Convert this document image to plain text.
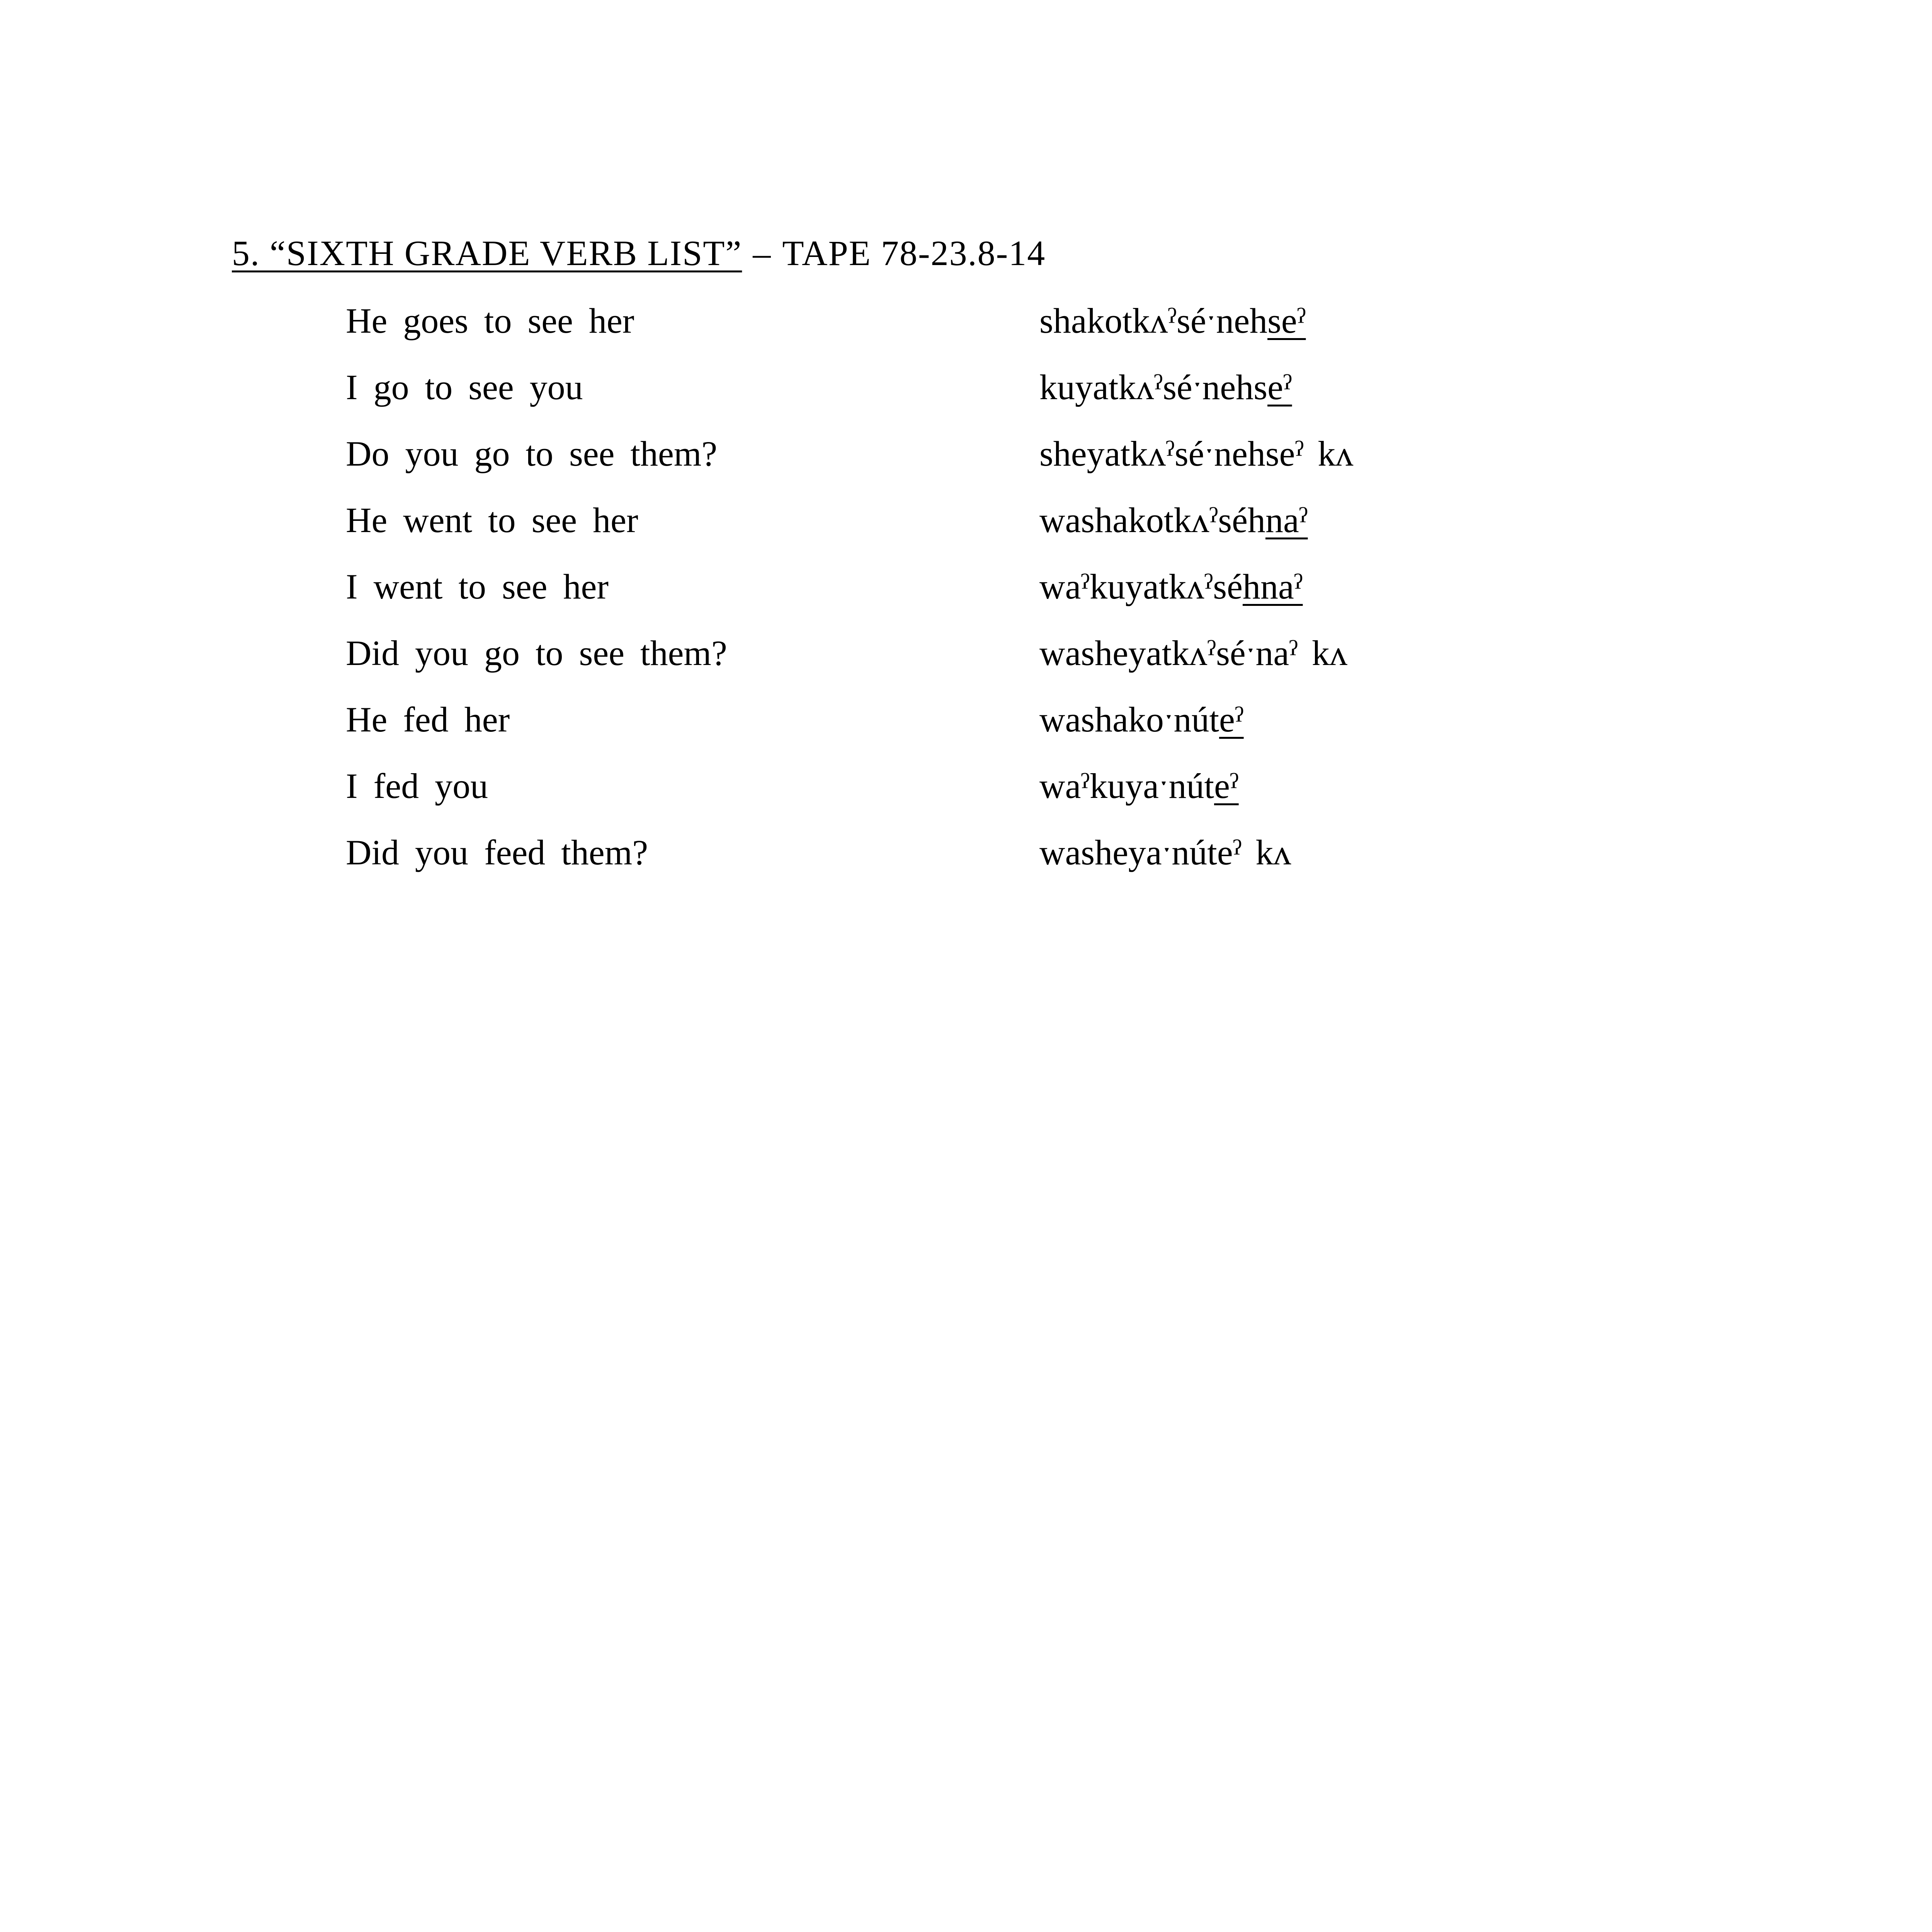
5. “SIXTH GRADE VERB LIST” – TAPE 78-23.8-14
He goes to see her	shakotkʌˀséˑnehseˀ
I go to see you	kuyatkʌˀséˑnehseˀ
Do you go to see them?	sheyatkʌˀséˑnehseˀ kʌ
He went to see her	washakotkʌˀséhnaˀ
I went to see her	waˀkuyatkʌˀséhnaˀ
Did you go to see them?	washeyatkʌˀséˑnaˀ kʌ
He fed her	washakoˑnúteˀ
I fed you	waˀkuyaˑnúteˀ
Did you feed them?	washeyaˑnúteˀ kʌ
